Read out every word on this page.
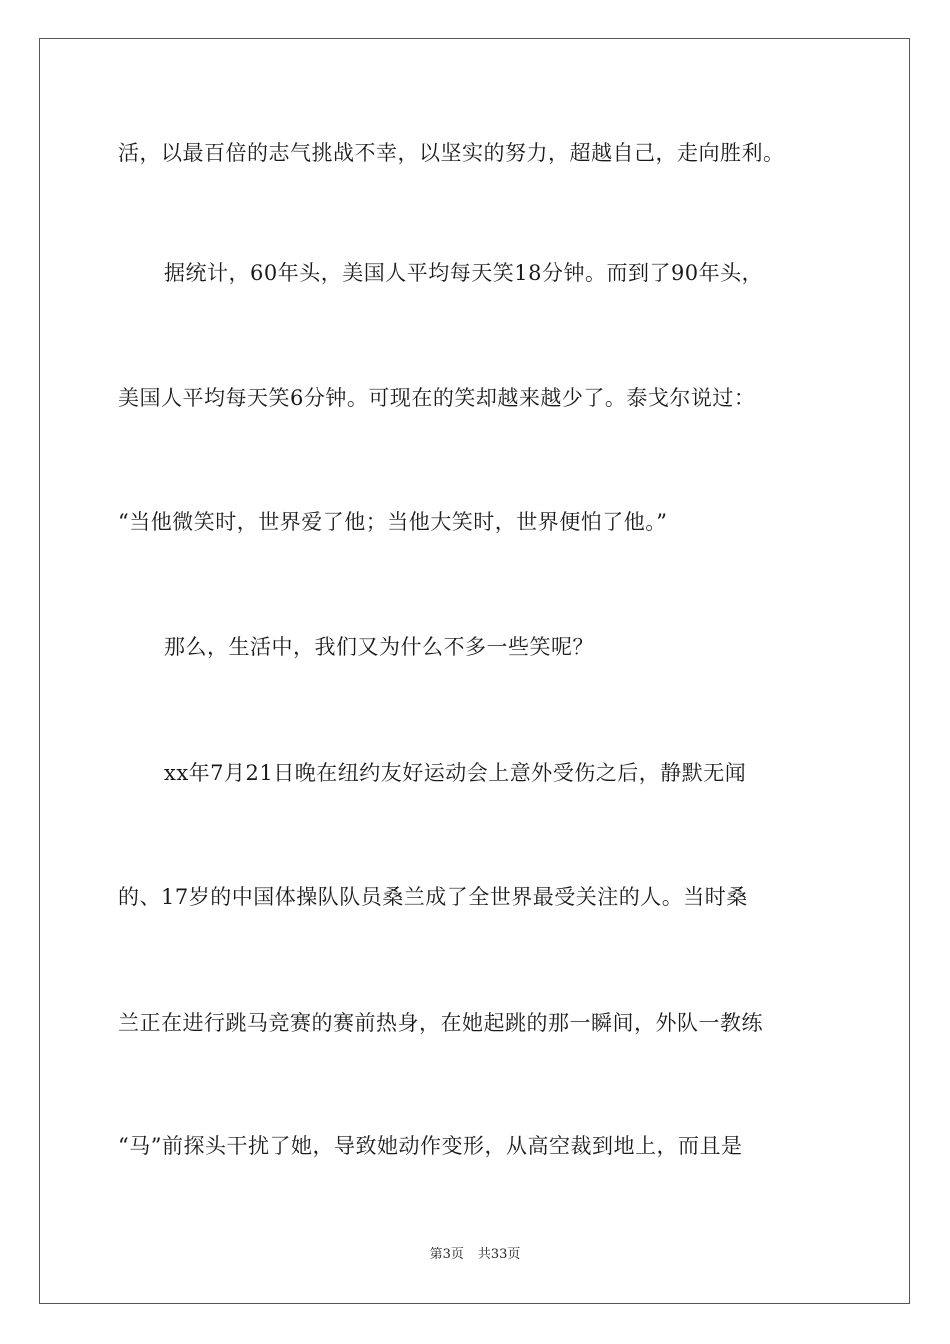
活，以最百倍的志气挑战不幸，以坚实的努力，超越自己，走向胜利。
据统计，60年头，美国人平均每天笑18分钟。而到了90年头，
美国人平均每天笑6分钟。可现在的笑却越来越少了。泰戈尔说过：
“当他微笑时，世界爱了他；当他大笑时，世界便怕了他。”
那么，生活中，我们又为什么不多一些笑呢？
xx年7月21日晚在纽约友好运动会上意外受伤之后，静默无闻
的、17岁的中国体操队队员桑兰成了全世界最受关注的人。当时桑
兰正在进行跳马竞赛的赛前热身，在她起跳的那一瞬间，外队一教练
“马”前探头干扰了她，导致她动作变形，从高空裁到地上，而且是
第3页 共33页
